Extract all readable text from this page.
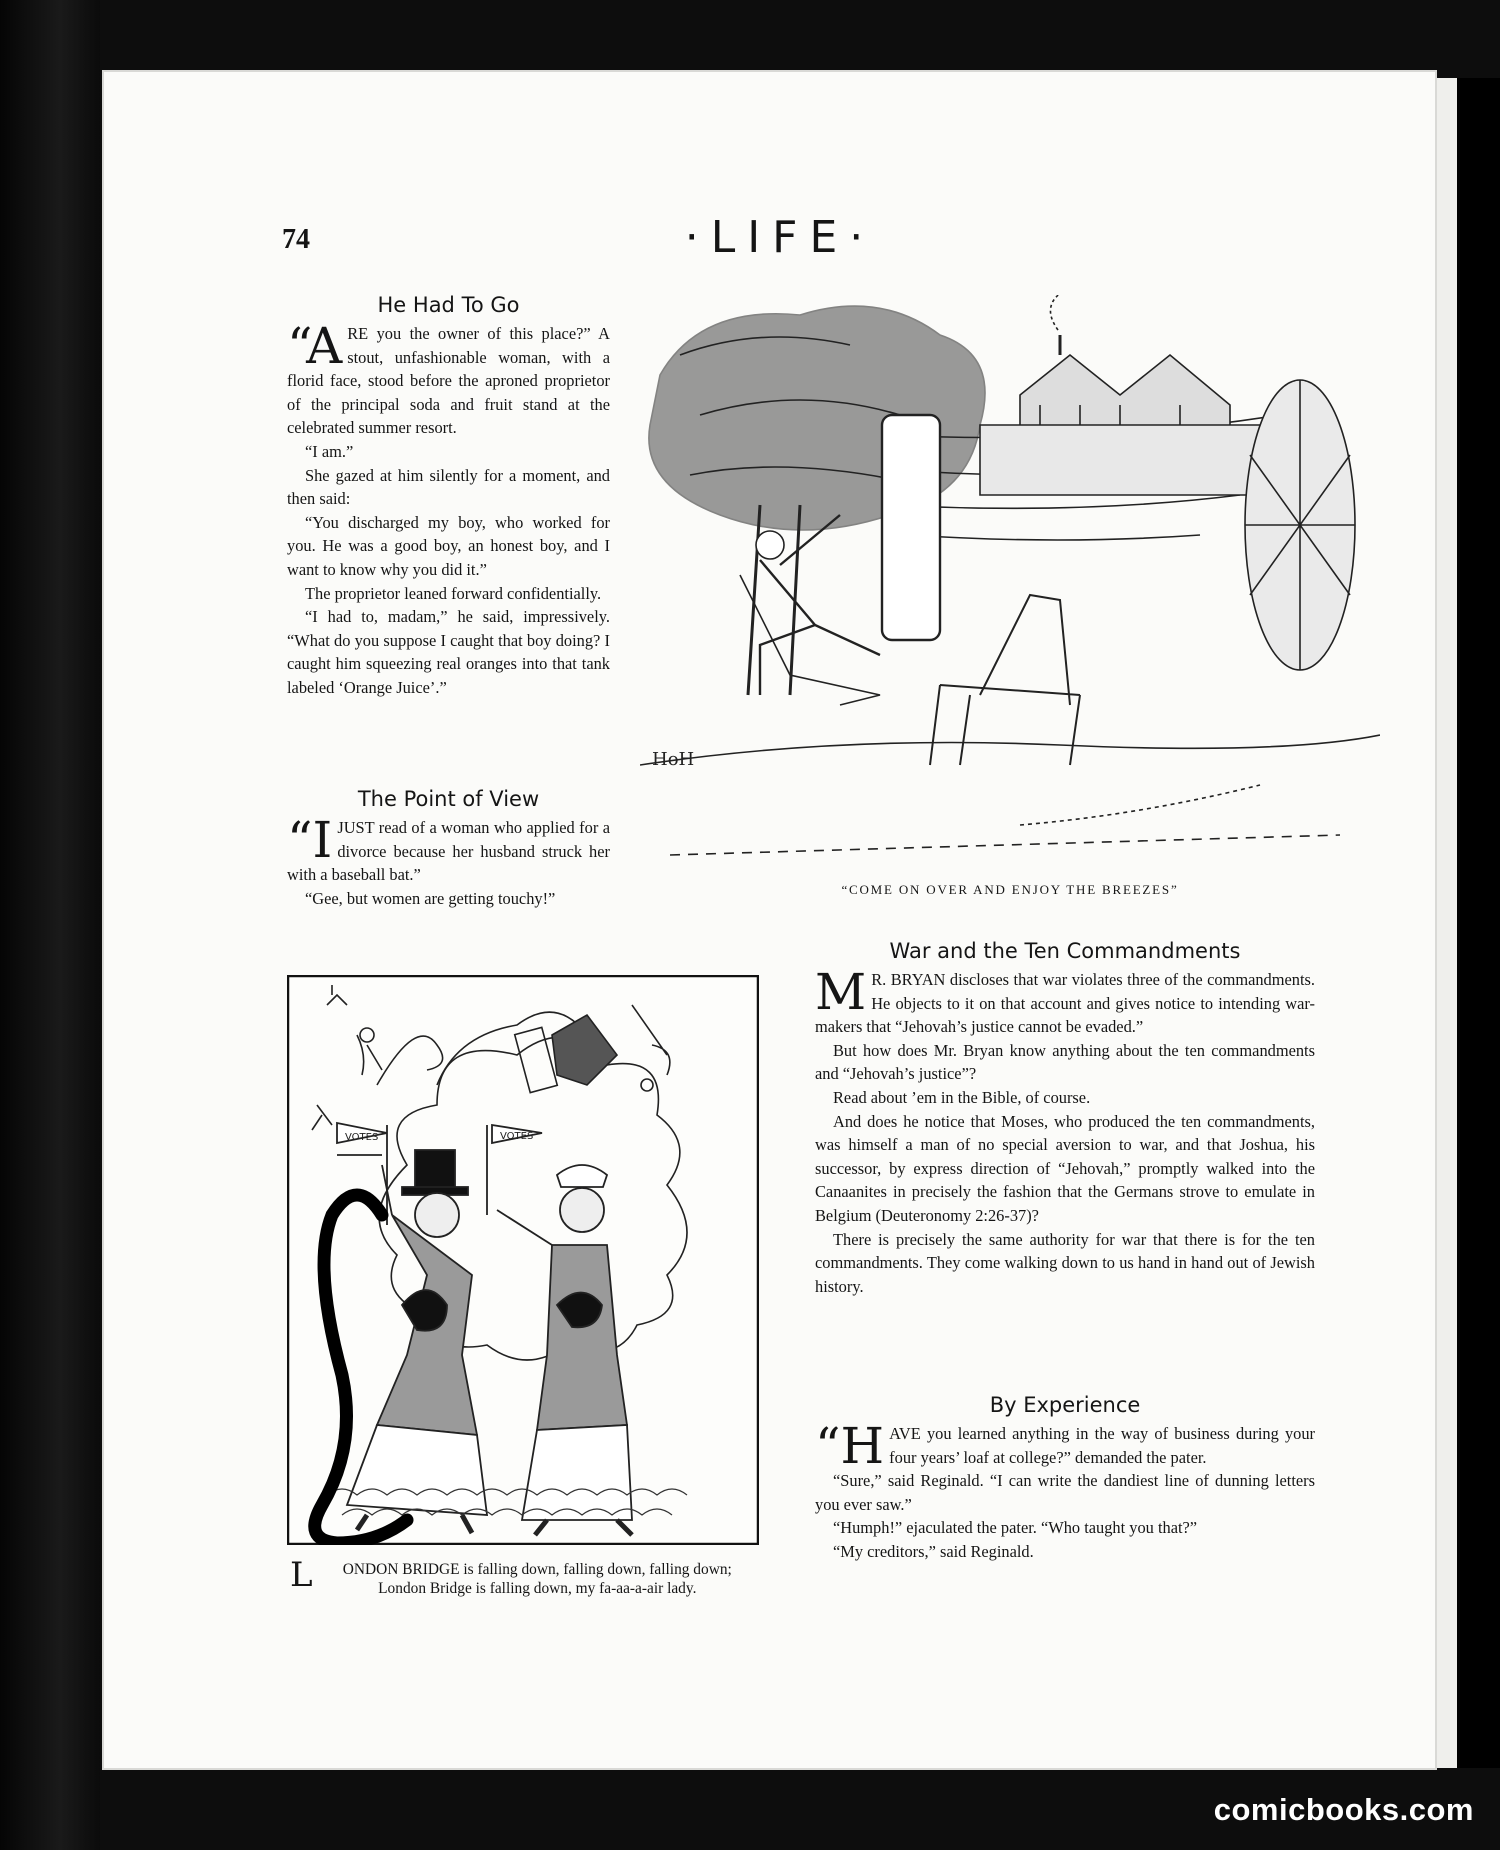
74	·LIFE·
He Had To Go

“ARE you the owner of this place?” A stout, unfashionable woman, with a florid face, stood before the aproned proprietor of the principal soda and fruit stand at the celebrated summer resort.

“I am.”

She gazed at him silently for a moment, and then said:

“You discharged my boy, who worked for you. He was a good boy, an honest boy, and I want to know why you did it.”

The proprietor leaned forward confidentially.

“I had to, madam,” he said, impressively. “What do you suppose I caught that boy doing? I caught him squeezing real oranges into that tank labeled ‘Orange Juice’.”

The Point of View

“IJUST read of a woman who applied for a divorce because her husband struck her with a baseball bat.”

“Gee, but women are getting touchy!”

HoH
“COME ON OVER AND ENJOY THE BREEZES”
VOTES	VOTES
L	ONDON BRIDGE is falling down, falling down, falling down;
London Bridge is falling down, my fa-aa-a-air lady.
War and the Ten Commandments

M R. BRYAN discloses that war violates three of the commandments. He objects to it on that account and gives notice to intending war-makers that “Jehovah’s justice cannot be evaded.”

But how does Mr. Bryan know anything about the ten commandments and “Jehovah’s justice”?

Read about ’em in the Bible, of course.

And does he notice that Moses, who produced the ten commandments, was himself a man of no special aversion to war, and that Joshua, his successor, by express direction of “Jehovah,” promptly walked into the Canaanites in precisely the fashion that the Germans strove to emulate in Belgium (Deuteronomy 2:26-37)?

There is precisely the same authority for war that there is for the ten commandments. They come walking down to us hand in hand out of Jewish history.

By Experience

“HAVE you learned anything in the way of business during your four years’ loaf at college?” demanded the pater.

“Sure,” said Reginald. “I can write the dandiest line of dunning letters you ever saw.”

“Humph!” ejaculated the pater. “Who taught you that?”

“My creditors,” said Reginald.

comicbooks.com
